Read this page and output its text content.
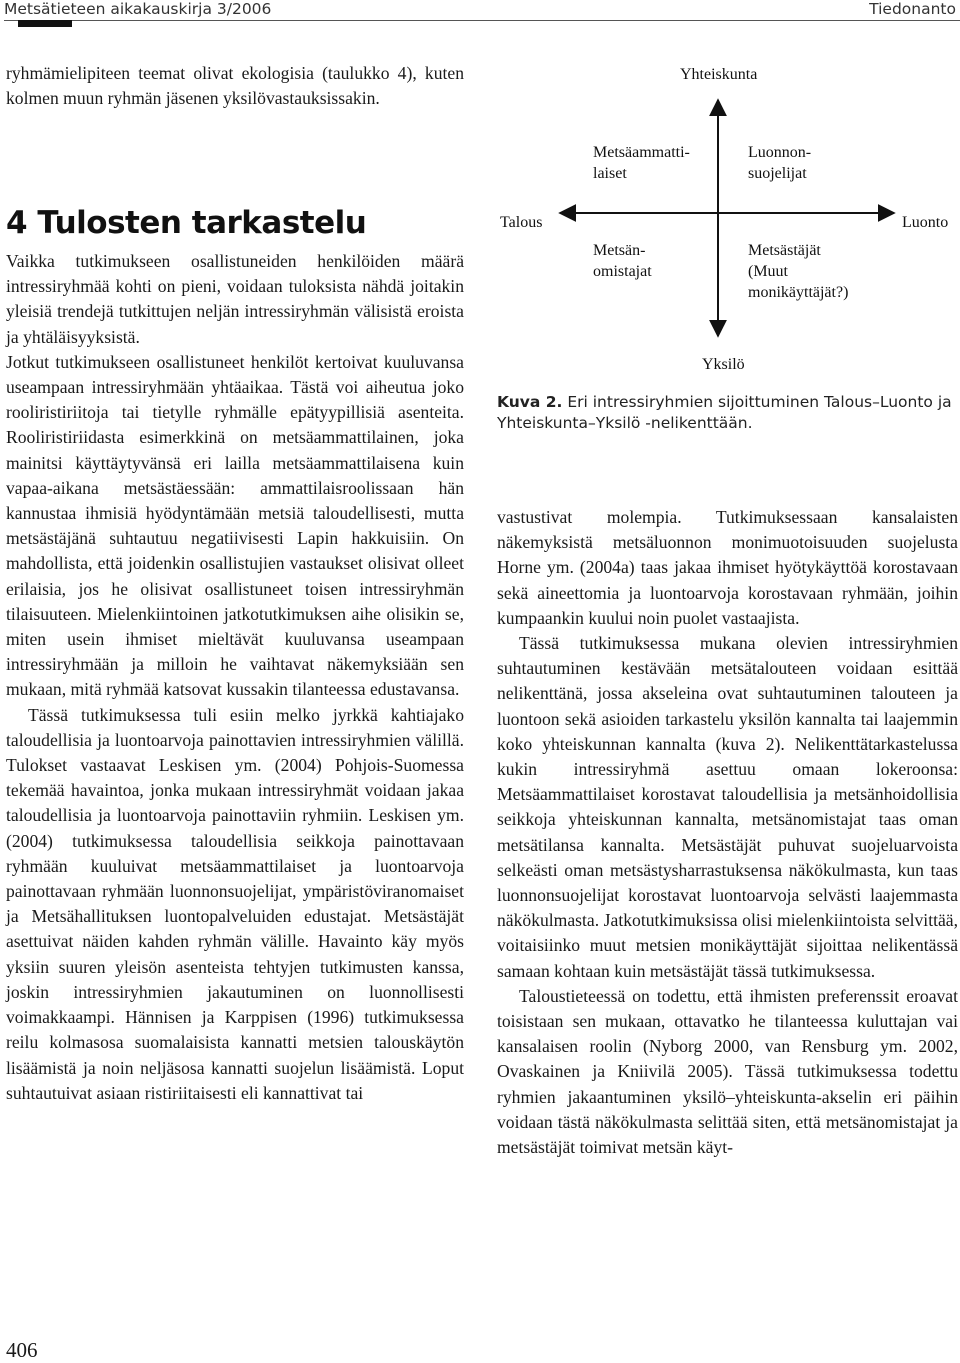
Metsätieteen aikakauskirja 3/2006	Tiedonanto

ryhmämielipiteen teemat olivat ekologisia (taulukko 4), kuten kolmen muun ryhmän jäsenen yksilövastauksissakin.

4 Tulosten tarkastelu

Vaikka tutkimukseen osallistuneiden henkilöiden määrä intressiryhmää kohti on pieni, voidaan tuloksista nähdä joitakin yleisiä trendejä tutkittujen neljän intressiryhmän välisistä eroista ja yhtäläisyyksistä.

Jotkut tutkimukseen osallistuneet henkilöt kertoivat kuuluvansa useampaan intressiryhmään yhtäaikaa. Tästä voi aiheutua joko rooliristiriitoja tai tietylle ryhmälle epätyypillisiä asenteita. Rooliristiriidasta esimerkkinä on metsäammattilainen, joka mainitsi käyttäytyvänsä eri lailla metsäammattilaisena kuin vapaa-aikana metsästäessään: ammattilaisroolissaan hän kannustaa ihmisiä hyödyntämään metsiä taloudellisesti, mutta metsästäjänä suhtautuu negatiivisesti Lapin hakkuisiin. On mahdollista, että joidenkin osallistujien vastaukset olisivat olleet erilaisia, jos he olisivat osallistuneet toisen intressiryhmän tilaisuuteen. Mielenkiintoinen jatkotutkimuksen aihe olisikin se, miten usein ihmiset mieltävät kuuluvansa useampaan intressiryhmään ja milloin he vaihtavat näkemyksiään sen mukaan, mitä ryhmää katsovat kussakin tilanteessa edustavansa.

Tässä tutkimuksessa tuli esiin melko jyrkkä kahtiajako taloudellisia ja luontoarvoja painottavien intressiryhmien välillä. Tulokset vastaavat Leskisen ym. (2004) Pohjois-Suomessa tekemää havaintoa, jonka mukaan intressiryhmät voidaan jakaa taloudellisia ja luontoarvoja painottaviin ryhmiin. Leskisen ym. (2004) tutkimuksessa taloudellisia seikkoja painottavaan ryhmään kuuluivat metsäammattilaiset ja luontoarvoja painottavaan ryhmään luonnonsuojelijat, ympäristöviranomaiset ja Metsähallituksen luontopalveluiden edustajat. Metsästäjät asettuivat näiden kahden ryhmän välille. Havainto käy myös yksiin suuren yleisön asenteista tehtyjen tutkimusten kanssa, joskin intressiryhmien jakautuminen on luonnollisesti voimakkaampi. Hännisen ja Karppisen (1996) tutkimuksessa reilu kolmasosa suomalaisista kannatti metsien talouskäytön lisäämistä ja noin neljäsosa kannatti suojelun lisäämistä. Loput suhtautuivat asiaan ristiriitaisesti eli kannattivat tai

Yhteiskunta
Yksilö
Talous	Luonto
Metsäammatti-
laiset
Luonnon-
suojelijat
Metsän-
omistajat
Metsästäjät
(Muut
monikäyttäjät?)
Kuva 2. Eri intressiryhmien sijoittuminen Talous–Luonto ja Yhteiskunta–Yksilö -nelikenttään.

vastustivat molempia. Tutkimuksessaan kansalaisten näkemyksistä metsäluonnon monimuotoisuuden suojelusta Horne ym. (2004a) taas jakaa ihmiset hyötykäyttöä korostavaan sekä aineettomia ja luontoarvoja korostavaan ryhmään, joihin kumpaankin kuului noin puolet vastaajista.

Tässä tutkimuksessa mukana olevien intressiryhmien suhtautuminen kestävään metsätalouteen voidaan esittää nelikenttänä, jossa akseleina ovat suhtautuminen talouteen ja luontoon sekä asioiden tarkastelu yksilön kannalta tai laajemmin koko yhteiskunnan kannalta (kuva 2). Nelikenttätarkastelussa kukin intressiryhmä asettuu omaan lokeroonsa: Metsäammattilaiset korostavat taloudellisia ja metsänhoidollisia seikkoja yhteiskunnan kannalta, metsänomistajat taas oman metsätilansa kannalta. Metsästäjät puhuvat suojeluarvoista selkeästi oman metsästysharrastuksensa näkökulmasta, kun taas luonnonsuojelijat korostavat luontoarvoja selvästi laajemmasta näkökulmasta. Jatkotutkimuksissa olisi mielenkiintoista selvittää, voitaisiinko muut metsien monikäyttäjät sijoittaa nelikentässä samaan kohtaan kuin metsästäjät tässä tutkimuksessa.

Taloustieteessä on todettu, että ihmisten preferenssit eroavat toisistaan sen mukaan, ottavatko he tilanteessa kuluttajan vai kansalaisen roolin (Nyborg 2000, van Rensburg ym. 2002, Ovaskainen ja Kniivilä 2005). Tässä tutkimuksessa todettu ryhmien jakaantuminen yksilö–yhteiskunta-akselin eri päihin voidaan tästä näkökulmasta selittää siten, että metsänomistajat ja metsästäjät toimivat metsän käyt-

406
